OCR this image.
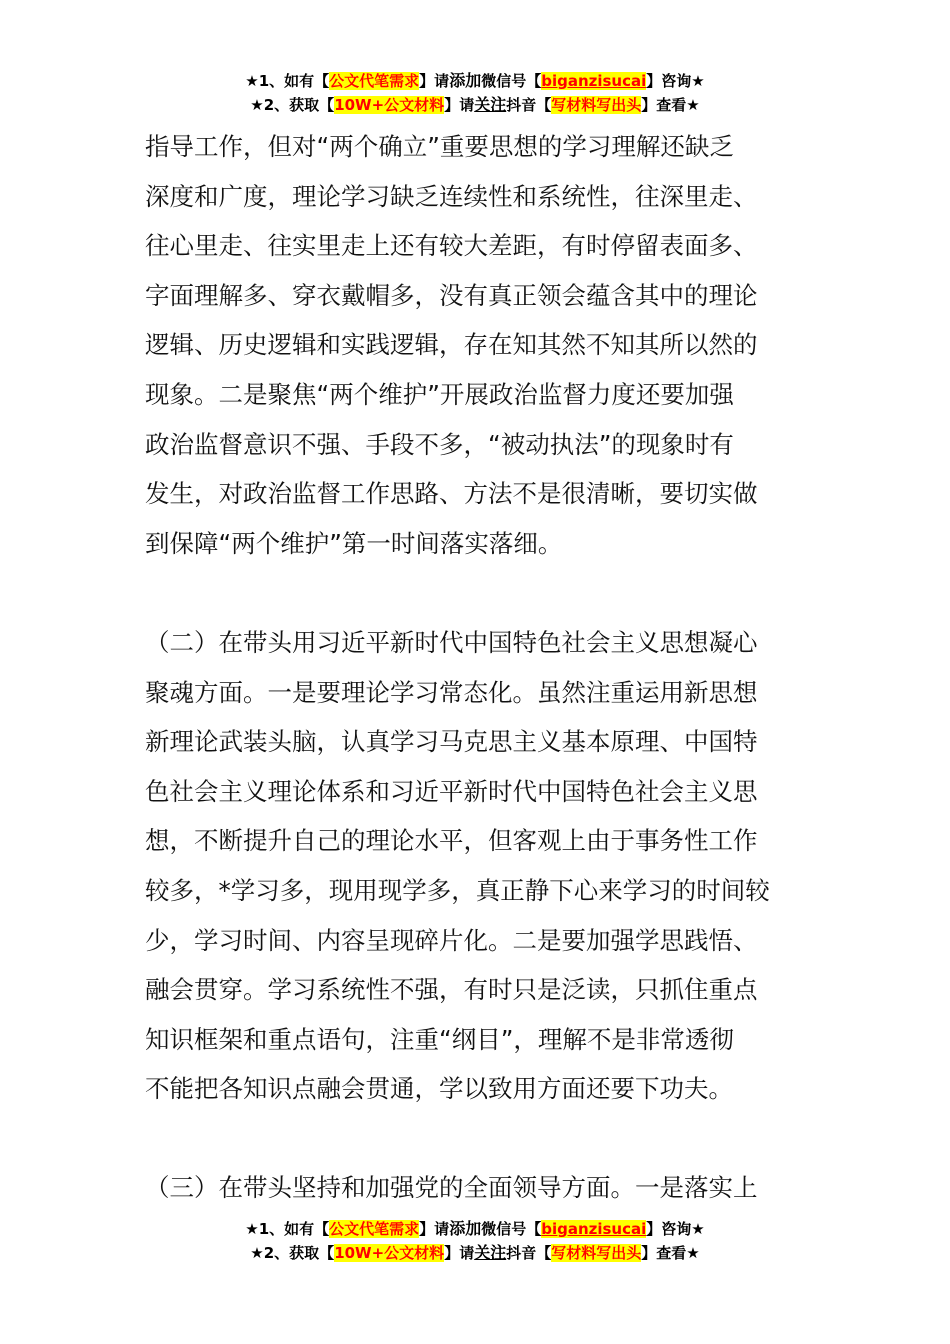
★1、如有【公文代笔需求】请添加微信号【biganzisucai】咨询★
★2、获取【10W+公文材料】请关注抖音【写材料写出头】查看★

指导工作，但对“两个确立”重要思想的学习理解还缺乏

深度和广度，理论学习缺乏连续性和系统性，往深里走、

往心里走、往实里走上还有较大差距，有时停留表面多、

字面理解多、穿衣戴帽多，没有真正领会蕴含其中的理论

逻辑、历史逻辑和实践逻辑，存在知其然不知其所以然的

现象。二是聚焦“两个维护”开展政治监督力度还要加强

政治监督意识不强、手段不多，“被动执法”的现象时有

发生，对政治监督工作思路、方法不是很清晰，要切实做

到保障“两个维护”第一时间落实落细。

（二）在带头用习近平新时代中国特色社会主义思想凝心

聚魂方面。一是要理论学习常态化。虽然注重运用新思想

新理论武装头脑，认真学习马克思主义基本原理、中国特

色社会主义理论体系和习近平新时代中国特色社会主义思

想，不断提升自己的理论水平，但客观上由于事务性工作

较多，*学习多，现用现学多，真正静下心来学习的时间较

少，学习时间、内容呈现碎片化。二是要加强学思践悟、

融会贯穿。学习系统性不强，有时只是泛读，只抓住重点

知识框架和重点语句，注重“纲目”，理解不是非常透彻

不能把各知识点融会贯通，学以致用方面还要下功夫。

（三）在带头坚持和加强党的全面领导方面。一是落实上

★1、如有【公文代笔需求】请添加微信号【biganzisucai】咨询★
★2、获取【10W+公文材料】请关注抖音【写材料写出头】查看★
